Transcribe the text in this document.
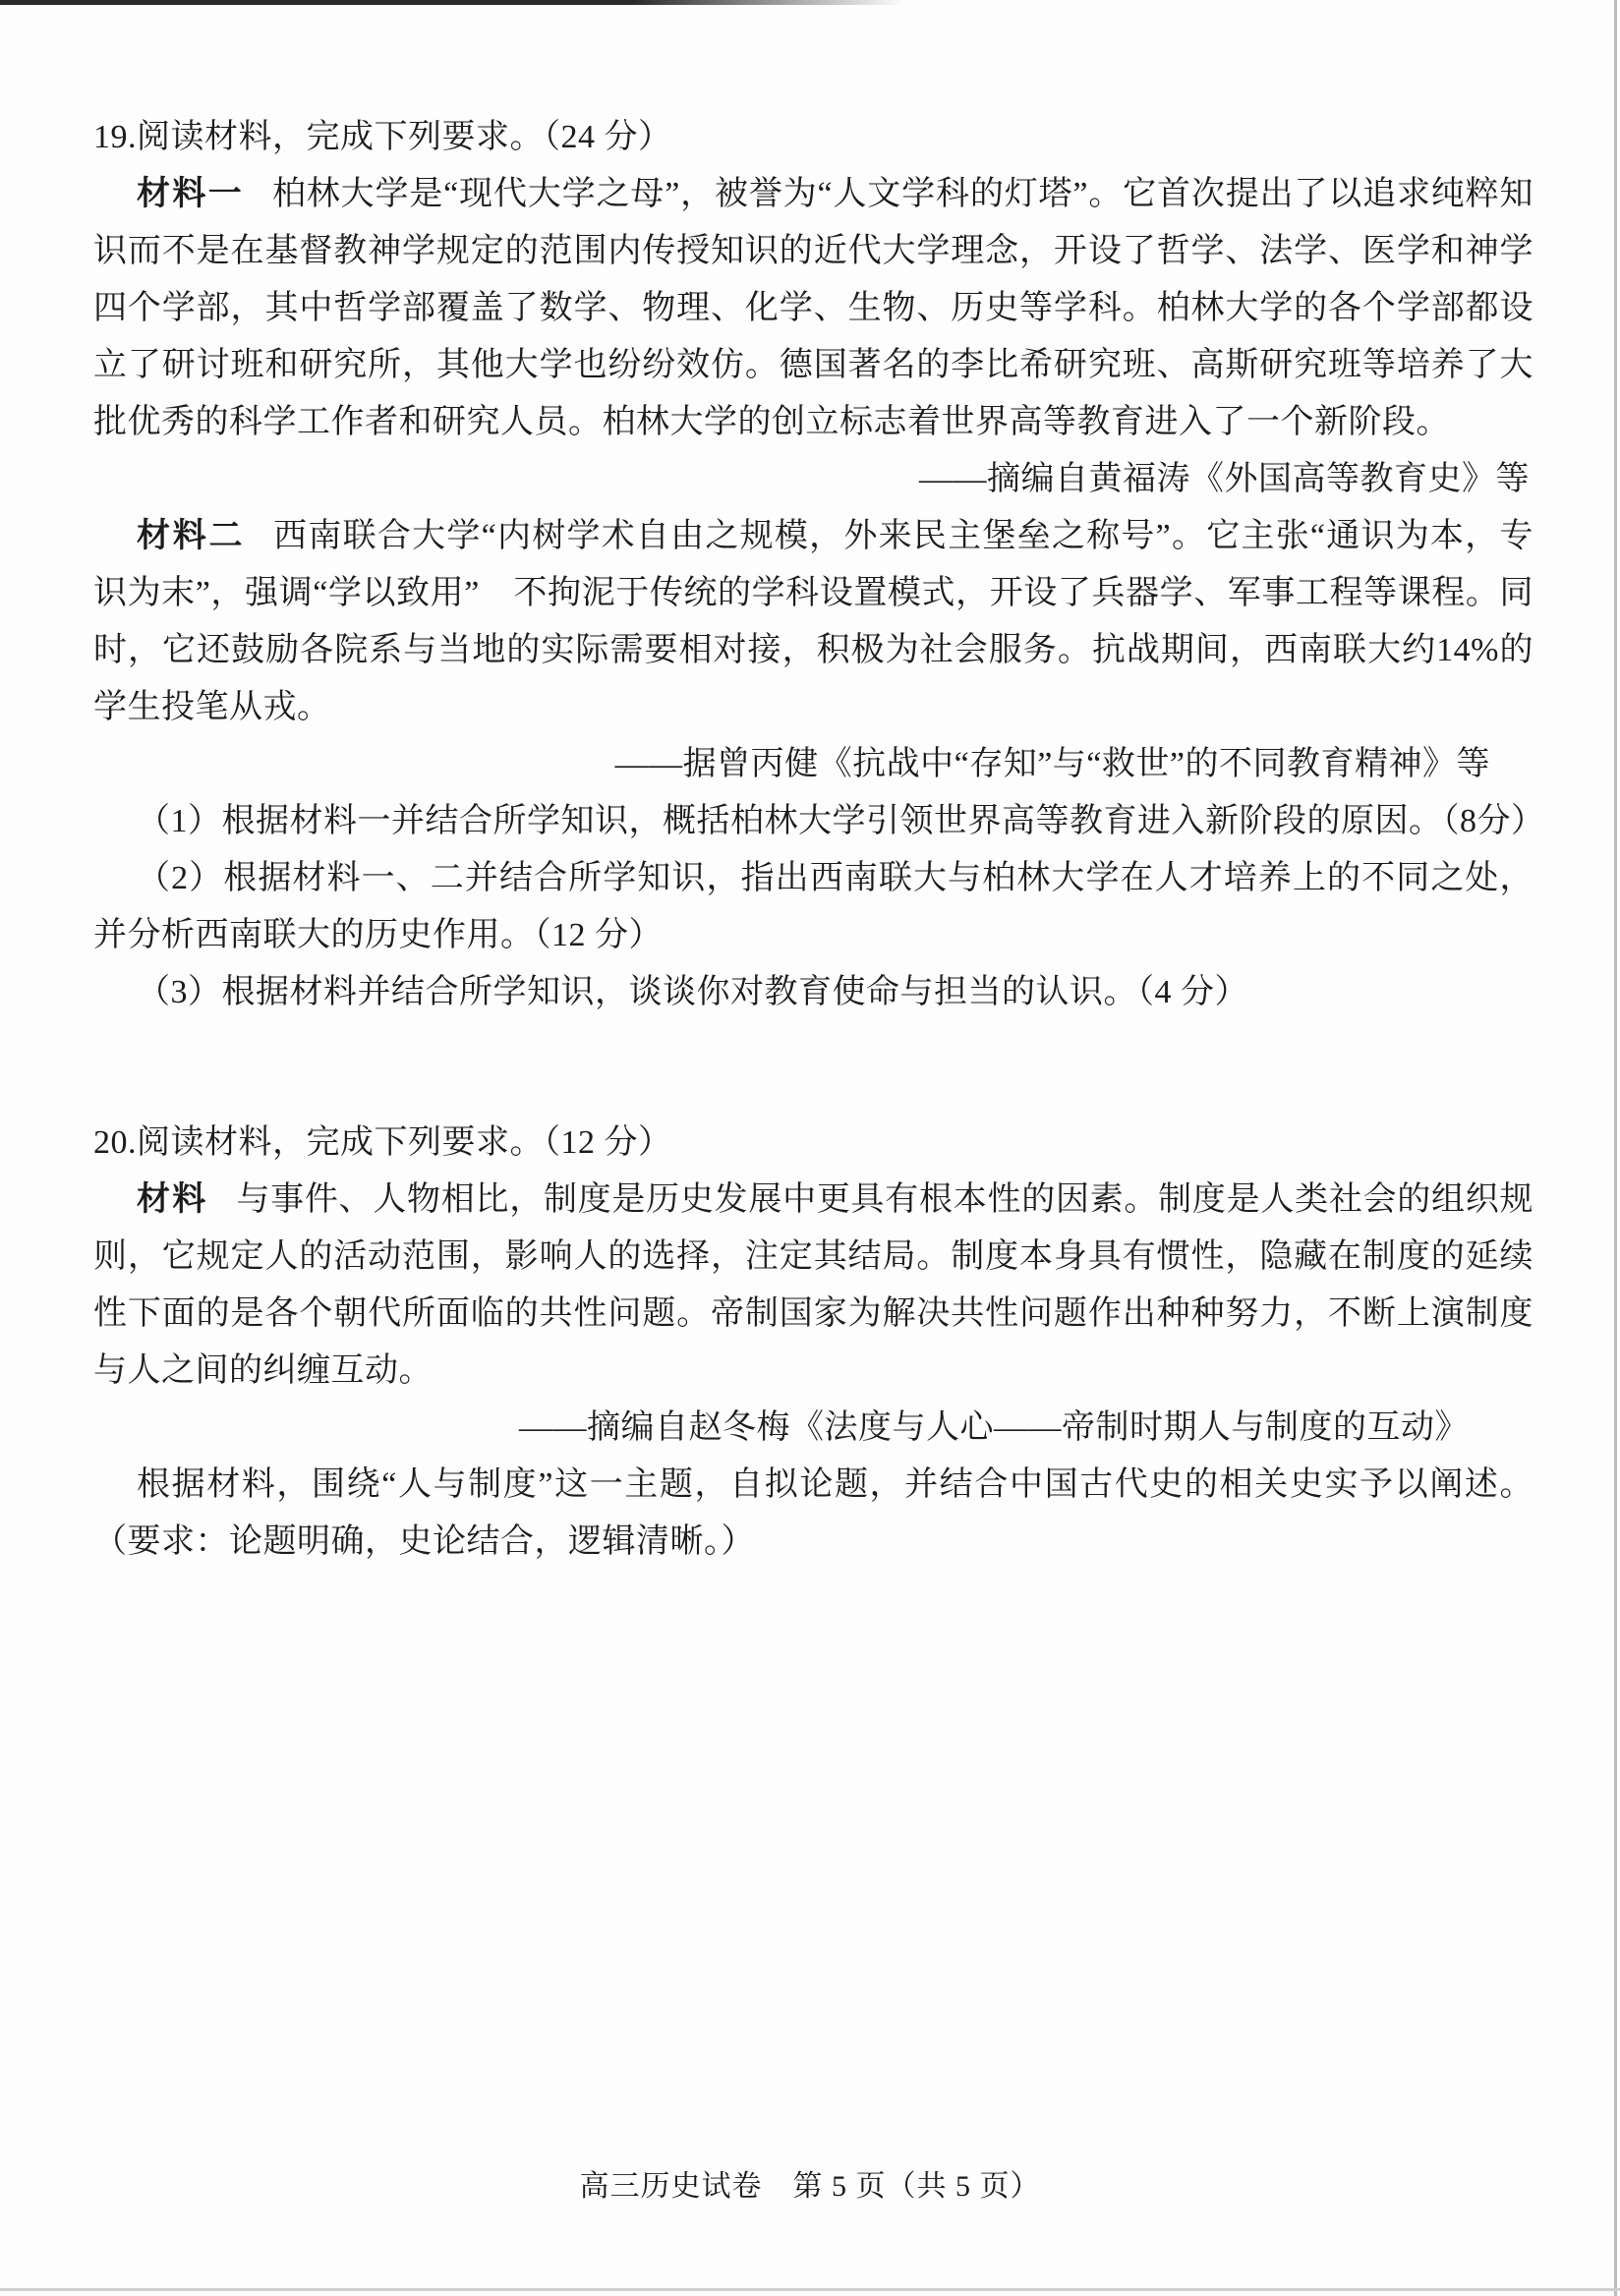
19.阅读材料，完成下列要求。（24 分）

材料一 柏林大学是“现代大学之母”，被誉为“人文学科的灯塔”。它首次提出了以追求纯粹知识而不是在基督教神学规定的范围内传授知识的近代大学理念，开设了哲学、法学、医学和神学四个学部，其中哲学部覆盖了数学、物理、化学、生物、历史等学科。柏林大学的各个学部都设立了研讨班和研究所，其他大学也纷纷效仿。德国著名的李比希研究班、高斯研究班等培养了大批优秀的科学工作者和研究人员。柏林大学的创立标志着世界高等教育进入了一个新阶段。

——摘编自黄福涛《外国高等教育史》等

材料二 西南联合大学“内树学术自由之规模，外来民主堡垒之称号”。它主张“通识为本，专识为末”，强调“学以致用”　不拘泥于传统的学科设置模式，开设了兵器学、军事工程等课程。同时，它还鼓励各院系与当地的实际需要相对接，积极为社会服务。抗战期间，西南联大约14%的学生投笔从戎。

——据曾丙健《抗战中“存知”与“救世”的不同教育精神》等

（1）根据材料一并结合所学知识，概括柏林大学引领世界高等教育进入新阶段的原因。（8分）

（2）根据材料一、二并结合所学知识，指出西南联大与柏林大学在人才培养上的不同之处，并分析西南联大的历史作用。（12 分）

（3）根据材料并结合所学知识，谈谈你对教育使命与担当的认识。（4 分）

20.阅读材料，完成下列要求。（12 分）

材料 与事件、人物相比，制度是历史发展中更具有根本性的因素。制度是人类社会的组织规则，它规定人的活动范围，影响人的选择，注定其结局。制度本身具有惯性，隐藏在制度的延续性下面的是各个朝代所面临的共性问题。帝制国家为解决共性问题作出种种努力，不断上演制度与人之间的纠缠互动。

——摘编自赵冬梅《法度与人心——帝制时期人与制度的互动》

根据材料，围绕“人与制度”这一主题，自拟论题，并结合中国古代史的相关史实予以阐述。（要求：论题明确，史论结合，逻辑清晰。）

高三历史试卷　第 5 页（共 5 页）
